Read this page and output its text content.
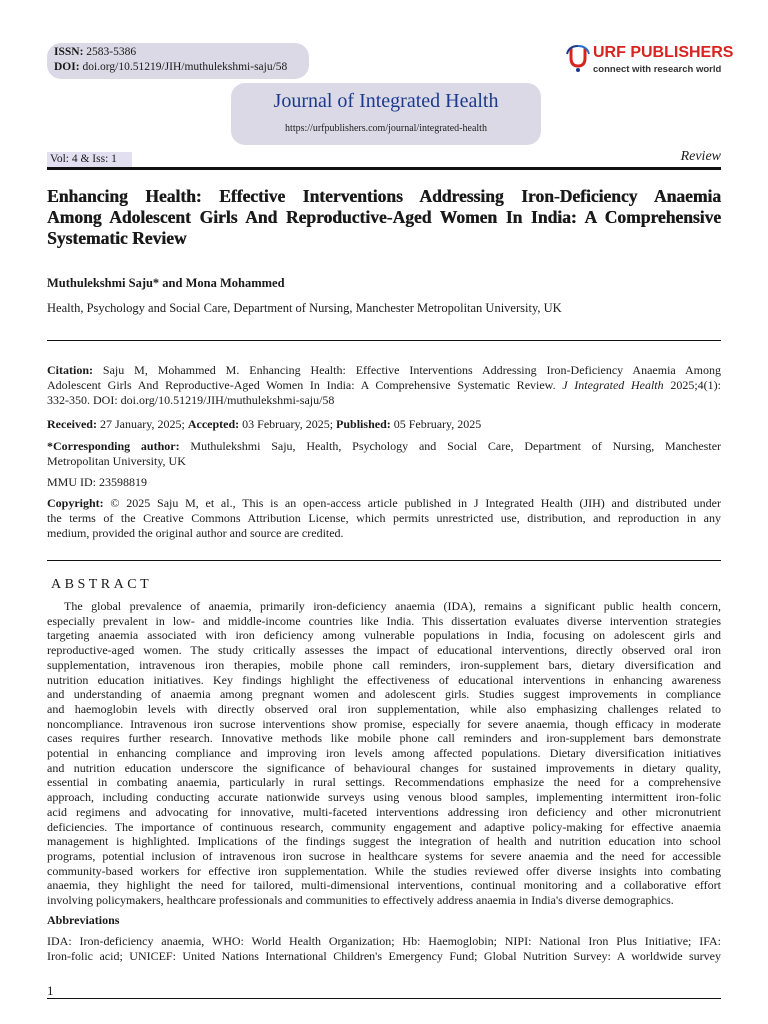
ISSN: 2583-5386
DOI: doi.org/10.51219/JIH/muthulekshmi-saju/58
Journal of Integrated Health
https://urfpublishers.com/journal/integrated-health
URF PUBLISHERS
connect with research world
Vol: 4 & Iss: 1	Review
Enhancing Health: Effective Interventions Addressing Iron-Deficiency Anaemia
Among Adolescent Girls And Reproductive-Aged Women In India: A Comprehensive
Systematic Review
Muthulekshmi Saju* and Mona Mohammed
Health, Psychology and Social Care, Department of Nursing, Manchester Metropolitan University, UK
Citation: Saju M, Mohammed M. Enhancing Health: Effective Interventions Addressing Iron-Deficiency Anaemia Among
Adolescent Girls And Reproductive-Aged Women In India: A Comprehensive Systematic Review. J Integrated Health 2025;4(1):
332-350. DOI: doi.org/10.51219/JIH/muthulekshmi-saju/58
Received: 27 January, 2025; Accepted: 03 February, 2025; Published: 05 February, 2025
*Corresponding author: Muthulekshmi Saju, Health, Psychology and Social Care, Department of Nursing, Manchester
Metropolitan University, UK
MMU ID: 23598819
Copyright: © 2025 Saju M, et al., This is an open-access article published in J Integrated Health (JIH) and distributed under
the terms of the Creative Commons Attribution License, which permits unrestricted use, distribution, and reproduction in any
medium, provided the original author and source are credited.
ABSTRACT
The global prevalence of anaemia, primarily iron-deficiency anaemia (IDA), remains a significant public health concern,
especially prevalent in low- and middle-income countries like India. This dissertation evaluates diverse intervention strategies
targeting anaemia associated with iron deficiency among vulnerable populations in India, focusing on adolescent girls and
reproductive-aged women. The study critically assesses the impact of educational interventions, directly observed oral iron
supplementation, intravenous iron therapies, mobile phone call reminders, iron-supplement bars, dietary diversification and
nutrition education initiatives. Key findings highlight the effectiveness of educational interventions in enhancing awareness
and understanding of anaemia among pregnant women and adolescent girls. Studies suggest improvements in compliance
and haemoglobin levels with directly observed oral iron supplementation, while also emphasizing challenges related to
noncompliance. Intravenous iron sucrose interventions show promise, especially for severe anaemia, though efficacy in moderate
cases requires further research. Innovative methods like mobile phone call reminders and iron-supplement bars demonstrate
potential in enhancing compliance and improving iron levels among affected populations. Dietary diversification initiatives
and nutrition education underscore the significance of behavioural changes for sustained improvements in dietary quality,
essential in combating anaemia, particularly in rural settings. Recommendations emphasize the need for a comprehensive
approach, including conducting accurate nationwide surveys using venous blood samples, implementing intermittent iron-folic
acid regimens and advocating for innovative, multi-faceted interventions addressing iron deficiency and other micronutrient
deficiencies. The importance of continuous research, community engagement and adaptive policy-making for effective anaemia
management is highlighted. Implications of the findings suggest the integration of health and nutrition education into school
programs, potential inclusion of intravenous iron sucrose in healthcare systems for severe anaemia and the need for accessible
community-based workers for effective iron supplementation. While the studies reviewed offer diverse insights into combating
anaemia, they highlight the need for tailored, multi-dimensional interventions, continual monitoring and a collaborative effort
involving policymakers, healthcare professionals and communities to effectively address anaemia in India's diverse demographics.
Abbreviations
IDA: Iron-deficiency anaemia, WHO: World Health Organization; Hb: Haemoglobin; NIPI: National Iron Plus Initiative; IFA:
Iron-folic acid; UNICEF: United Nations International Children's Emergency Fund; Global Nutrition Survey: A worldwide survey
1
